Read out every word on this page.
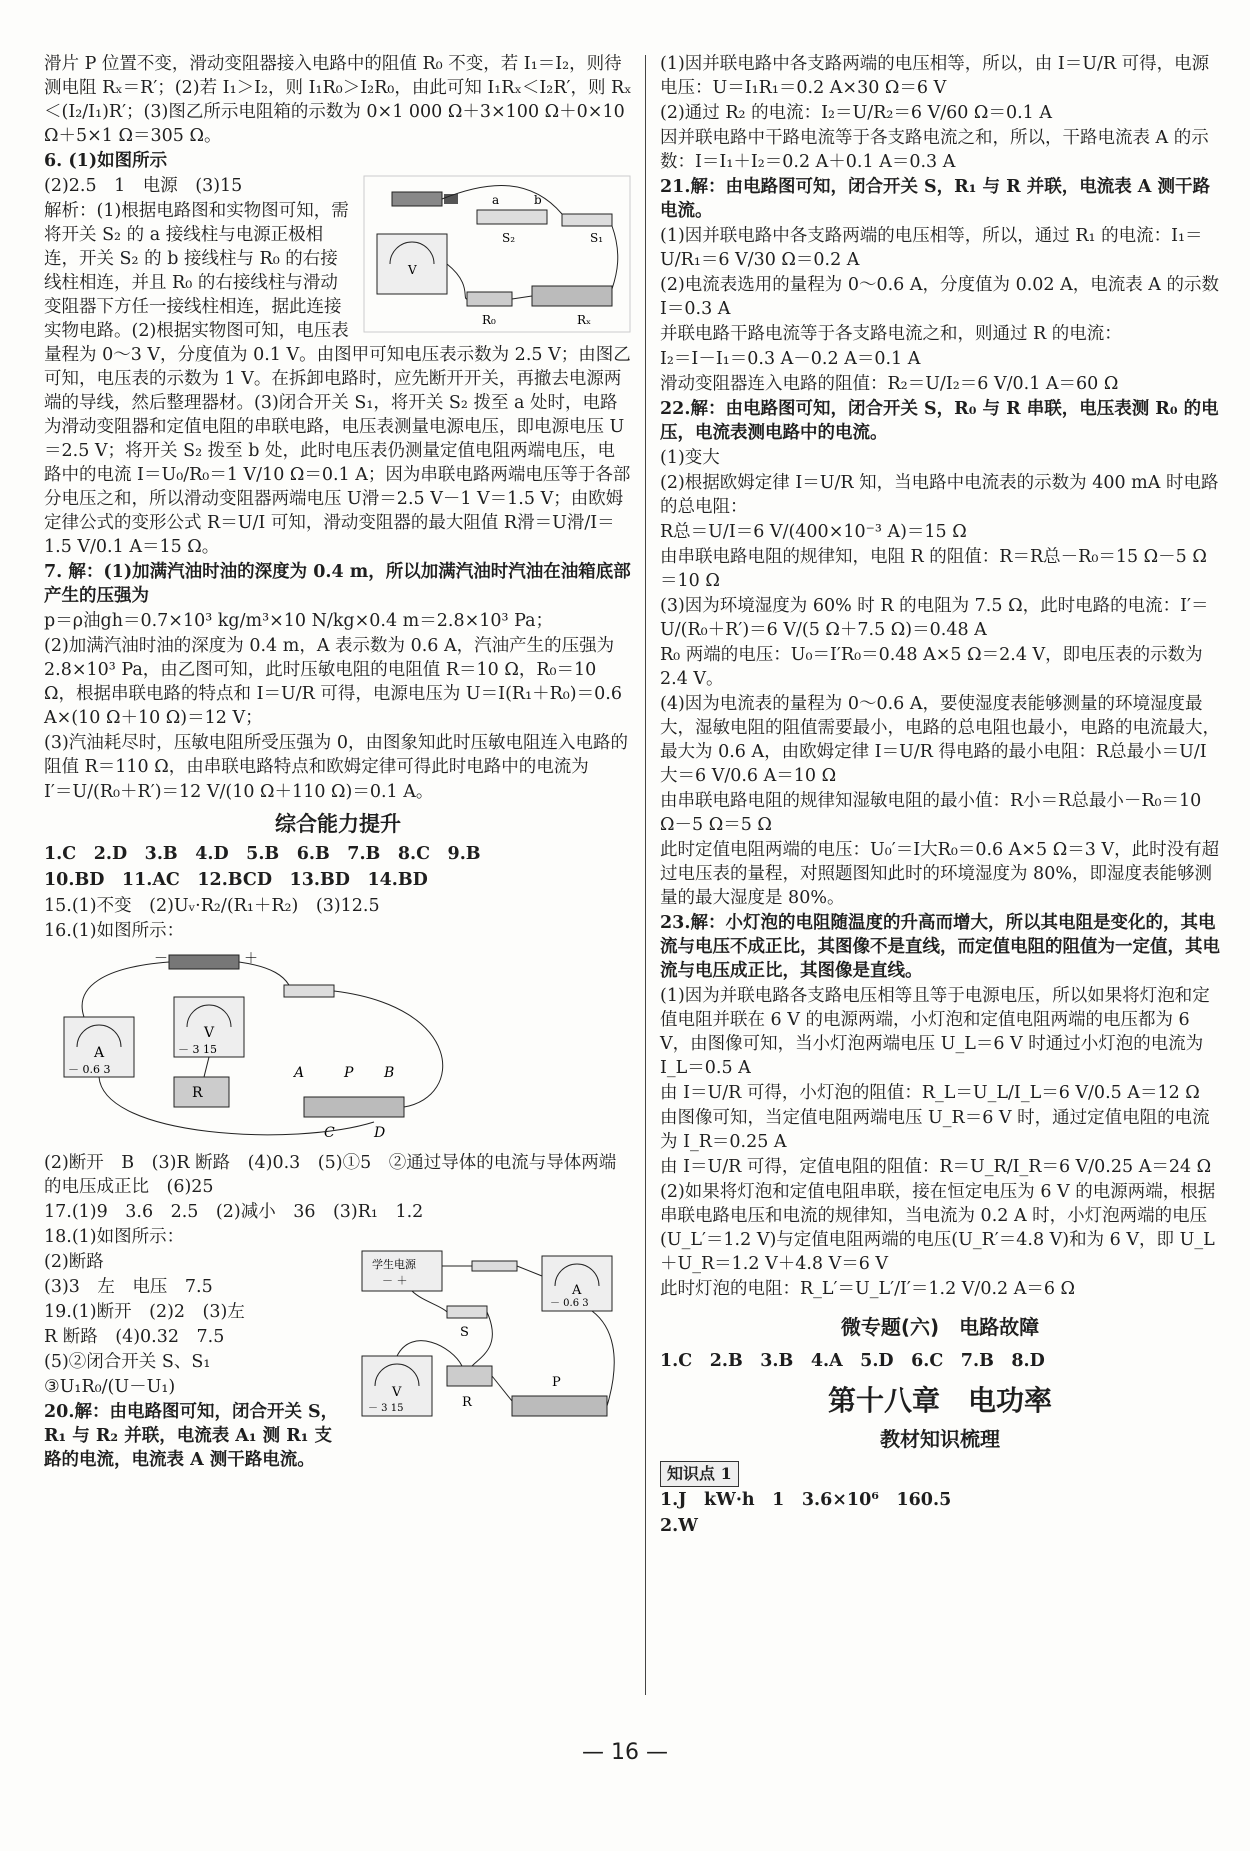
滑片 P 位置不变，滑动变阻器接入电路中的阻值 R₀ 不变，若 I₁＝I₂，则待测电阻 Rₓ＝R′；(2)若 I₁＞I₂，则 I₁R₀＞I₂R₀，由此可知 I₁Rₓ＜I₂R′，则 Rₓ＜(I₂/I₁)R′；(3)图乙所示电阻箱的示数为 0×1 000 Ω＋3×100 Ω＋0×10 Ω＋5×1 Ω＝305 Ω。

6. (1)如图所示

a	b
S₂	S₁
V
R₀	Rₓ

(2)2.5　1　电源　(3)15

解析：(1)根据电路图和实物图可知，需将开关 S₂ 的 a 接线柱与电源正极相连，开关 S₂ 的 b 接线柱与 R₀ 的右接线柱相连，并且 R₀ 的右接线柱与滑动变阻器下方任一接线柱相连，据此连接实物电路。(2)根据实物图可知，电压表量程为 0～3 V，分度值为 0.1 V。由图甲可知电压表示数为 2.5 V；由图乙可知，电压表的示数为 1 V。在拆卸电路时，应先断开开关，再撤去电源两端的导线，然后整理器材。(3)闭合开关 S₁，将开关 S₂ 拨至 a 处时，电路为滑动变阻器和定值电阻的串联电路，电压表测量电源电压，即电源电压 U＝2.5 V；将开关 S₂ 拨至 b 处，此时电压表仍测量定值电阻两端电压，电路中的电流 I＝U₀/R₀＝1 V/10 Ω＝0.1 A；因为串联电路两端电压等于各部分电压之和，所以滑动变阻器两端电压 U滑＝2.5 V－1 V＝1.5 V；由欧姆定律公式的变形公式 R＝U/I 可知，滑动变阻器的最大阻值 R滑＝U滑/I＝1.5 V/0.1 A＝15 Ω。

7. 解：(1)加满汽油时油的深度为 0.4 m，所以加满汽油时汽油在油箱底部产生的压强为

p＝ρ油gh＝0.7×10³ kg/m³×10 N/kg×0.4 m＝2.8×10³ Pa；

(2)加满汽油时油的深度为 0.4 m，A 表示数为 0.6 A，汽油产生的压强为 2.8×10³ Pa，由乙图可知，此时压敏电阻的电阻值 R＝10 Ω，R₀＝10 Ω，根据串联电路的特点和 I＝U/R 可得，电源电压为 U＝I(R₁＋R₀)＝0.6 A×(10 Ω＋10 Ω)＝12 V；

(3)汽油耗尽时，压敏电阻所受压强为 0，由图象知此时压敏电阻连入电路的阻值 R＝110 Ω，由串联电路特点和欧姆定律可得此时电路中的电流为

I′＝U/(R₀＋R′)＝12 V/(10 Ω＋110 Ω)＝0.1 A。

综合能力提升

1.C　2.D　3.B　4.D　5.B　6.B　7.B　8.C　9.B

10.BD　11.AC　12.BCD　13.BD　14.BD

15.(1)不变　(2)Uᵥ·R₂/(R₁＋R₂)　(3)12.5

16.(1)如图所示：

－	＋
A
－ 0.6 3
V
－ 3 15
R
A	P B
C	D

(2)断开　B　(3)R 断路　(4)0.3　(5)①5　②通过导体的电流与导体两端的电压成正比　(6)25

17.(1)9　3.6　2.5　(2)减小　36　(3)R₁　1.2

18.(1)如图所示：

学生电源
－ ＋
A
－ 0.6 3
S
V
－ 3 15	R
P

(2)断路

(3)3　左　电压　7.5

19.(1)断开　(2)2　(3)左

R 断路　(4)0.32　7.5

(5)②闭合开关 S、S₁

③U₁R₀/(U－U₁)

20.解：由电路图可知，闭合开关 S，R₁ 与 R₂ 并联，电流表 A₁ 测 R₁ 支路的电流，电流表 A 测干路电流。

(1)因并联电路中各支路两端的电压相等，所以，由 I＝U/R 可得，电源电压：U＝I₁R₁＝0.2 A×30 Ω＝6 V

(2)通过 R₂ 的电流：I₂＝U/R₂＝6 V/60 Ω＝0.1 A

因并联电路中干路电流等于各支路电流之和，所以，干路电流表 A 的示数：I＝I₁＋I₂＝0.2 A＋0.1 A＝0.3 A

21.解：由电路图可知，闭合开关 S，R₁ 与 R 并联，电流表 A 测干路电流。

(1)因并联电路中各支路两端的电压相等，所以，通过 R₁ 的电流：I₁＝U/R₁＝6 V/30 Ω＝0.2 A

(2)电流表选用的量程为 0～0.6 A，分度值为 0.02 A，电流表 A 的示数 I＝0.3 A

并联电路干路电流等于各支路电流之和，则通过 R 的电流：

I₂＝I－I₁＝0.3 A－0.2 A＝0.1 A

滑动变阻器连入电路的阻值：R₂＝U/I₂＝6 V/0.1 A＝60 Ω

22.解：由电路图可知，闭合开关 S，R₀ 与 R 串联，电压表测 R₀ 的电压，电流表测电路中的电流。

(1)变大

(2)根据欧姆定律 I＝U/R 知，当电路中电流表的示数为 400 mA 时电路的总电阻：

R总＝U/I＝6 V/(400×10⁻³ A)＝15 Ω

由串联电路电阻的规律知，电阻 R 的阻值：R＝R总－R₀＝15 Ω－5 Ω＝10 Ω

(3)因为环境湿度为 60% 时 R 的电阻为 7.5 Ω，此时电路的电流：I′＝U/(R₀＋R′)＝6 V/(5 Ω＋7.5 Ω)＝0.48 A

R₀ 两端的电压：U₀＝I′R₀＝0.48 A×5 Ω＝2.4 V，即电压表的示数为 2.4 V。

(4)因为电流表的量程为 0～0.6 A，要使湿度表能够测量的环境湿度最大，湿敏电阻的阻值需要最小，电路的总电阻也最小，电路的电流最大，最大为 0.6 A，由欧姆定律 I＝U/R 得电路的最小电阻：R总最小＝U/I大＝6 V/0.6 A＝10 Ω

由串联电路电阻的规律知湿敏电阻的最小值：R小＝R总最小－R₀＝10 Ω－5 Ω＝5 Ω

此时定值电阻两端的电压：U₀′＝I大R₀＝0.6 A×5 Ω＝3 V，此时没有超过电压表的量程，对照题图知此时的环境湿度为 80%，即湿度表能够测量的最大湿度是 80%。

23.解：小灯泡的电阻随温度的升高而增大，所以其电阻是变化的，其电流与电压不成正比，其图像不是直线，而定值电阻的阻值为一定值，其电流与电压成正比，其图像是直线。

(1)因为并联电路各支路电压相等且等于电源电压，所以如果将灯泡和定值电阻并联在 6 V 的电源两端，小灯泡和定值电阻两端的电压都为 6 V，由图像可知，当小灯泡两端电压 U_L＝6 V 时通过小灯泡的电流为 I_L＝0.5 A

由 I＝U/R 可得，小灯泡的阻值：R_L＝U_L/I_L＝6 V/0.5 A＝12 Ω

由图像可知，当定值电阻两端电压 U_R＝6 V 时，通过定值电阻的电流为 I_R＝0.25 A

由 I＝U/R 可得，定值电阻的阻值：R＝U_R/I_R＝6 V/0.25 A＝24 Ω

(2)如果将灯泡和定值电阻串联，接在恒定电压为 6 V 的电源两端，根据串联电路电压和电流的规律知，当电流为 0.2 A 时，小灯泡两端的电压(U_L′＝1.2 V)与定值电阻两端的电压(U_R′＝4.8 V)和为 6 V，即 U_L＋U_R＝1.2 V＋4.8 V＝6 V

此时灯泡的电阻：R_L′＝U_L′/I′＝1.2 V/0.2 A＝6 Ω

微专题(六)　电路故障

1.C　2.B　3.B　4.A　5.D　6.C　7.B　8.D

第十八章　电功率
教材知识梳理

知识点 1

1.J　kW·h　1　3.6×10⁶　160.5

2.W

— 16 —
